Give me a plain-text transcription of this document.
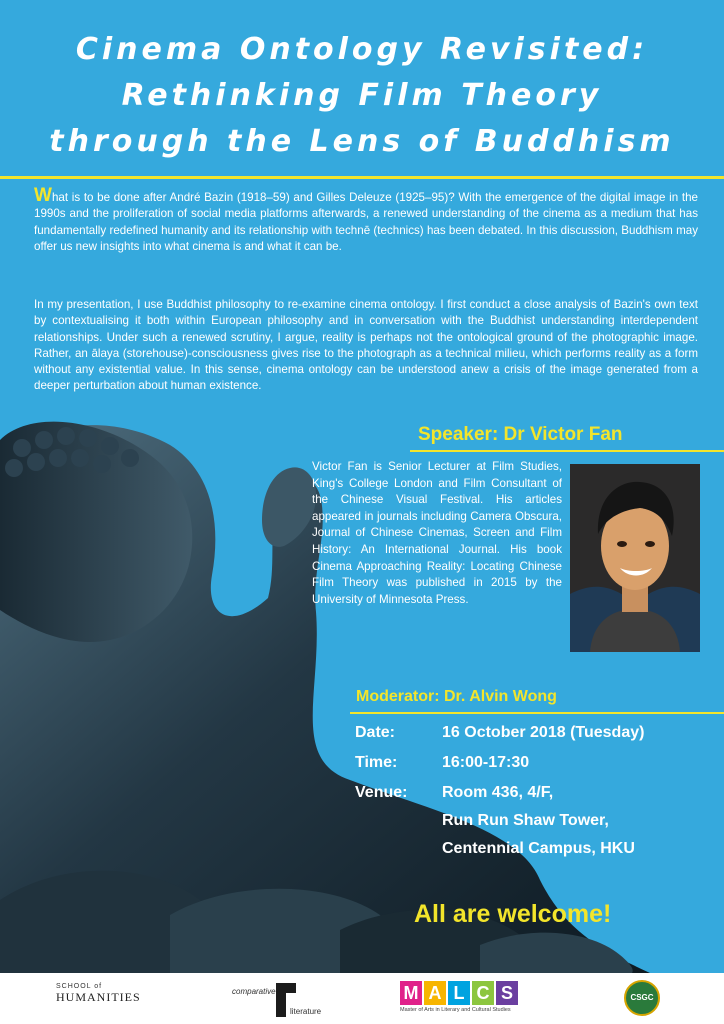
Cinema Ontology Revisited:
Rethinking Film Theory
through the Lens of Buddhism

What is to be done after André Bazin (1918–59) and Gilles Deleuze (1925–95)? With the emergence of the digital image in the 1990s and the proliferation of social media platforms afterwards, a renewed understanding of the cinema as a medium that has fundamentally redefined humanity and its relationship with technē (technics) has been debated. In this discussion, Buddhism may offer us new insights into what cinema is and what it can be.

In my presentation, I use Buddhist philosophy to re-examine cinema ontology. I first conduct a close analysis of Bazin's own text by contextualising it both within European philosophy and in conversation with the Buddhist understanding interdependent relationships. Under such a renewed scrutiny, I argue, reality is perhaps not the ontological ground of the photographic image. Rather, an ālaya (storehouse)-consciousness gives rise to the photograph as a technical milieu, which performs reality as a form without any existential value. In this sense, cinema ontology can be understood anew a crisis of the image generated from a deeper perturbation about human existence.

Speaker: Dr Victor Fan

Victor Fan is Senior Lecturer at Film Studies, King's College London and Film Consultant of the Chinese Visual Festival. His articles appeared in journals including Camera Obscura, Journal of Chinese Cinemas, Screen and Film History: An International Journal. His book Cinema Approaching Reality: Locating Chinese Film Theory was published in 2015 by the University of Minnesota Press.

Moderator: Dr. Alvin Wong
Date:	16 October 2018 (Tuesday)
Time:	16:00-17:30
Venue: Room 436, 4/F,
Run Run Shaw Tower,
Centennial Campus, HKU
All are welcome!
SCHOOL of
HUMANITIES	comparative
literature
M A L C S
Master of Arts in Literary and Cultural Studies
CSGC
